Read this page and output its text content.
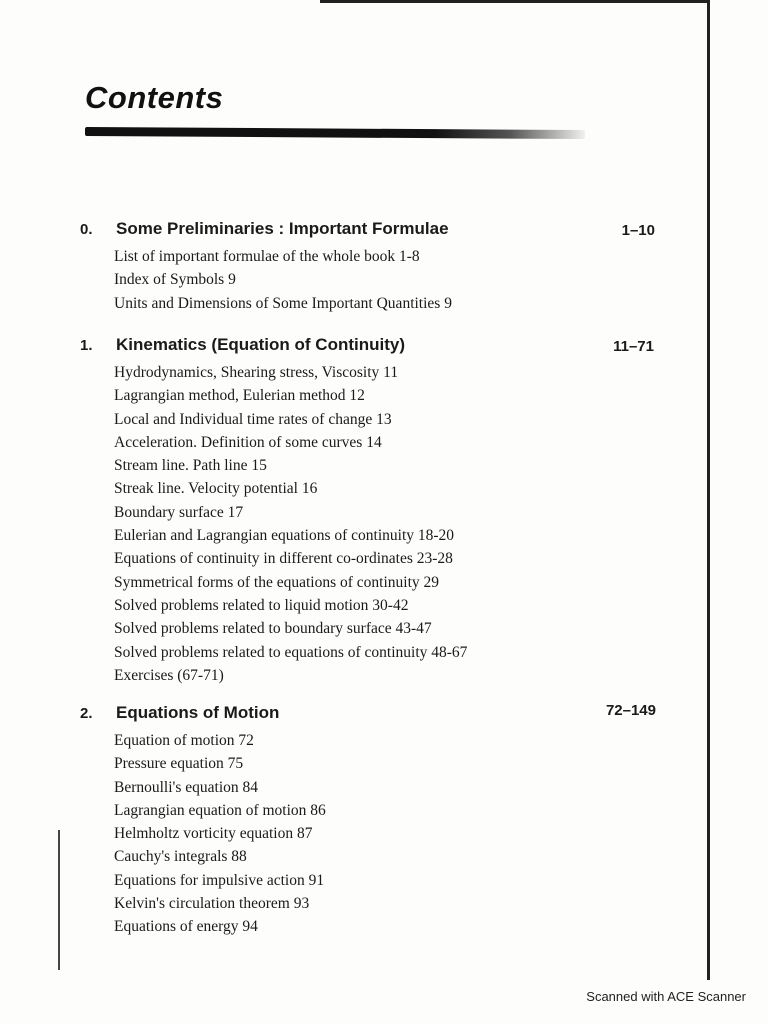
Contents
0. Some Preliminaries : Important Formulae	1–10
List of important formulae of the whole book 1-8
Index of Symbols 9
Units and Dimensions of Some Important Quantities 9
1. Kinematics (Equation of Continuity)	11–71
Hydrodynamics, Shearing stress, Viscosity 11
Lagrangian method, Eulerian method 12
Local and Individual time rates of change 13
Acceleration. Definition of some curves 14
Stream line. Path line 15
Streak line. Velocity potential 16
Boundary surface 17
Eulerian and Lagrangian equations of continuity 18-20
Equations of continuity in different co-ordinates 23-28
Symmetrical forms of the equations of continuity 29
Solved problems related to liquid motion 30-42
Solved problems related to boundary surface 43-47
Solved problems related to equations of continuity 48-67
Exercises (67-71)
2. Equations of Motion	72–149
Equation of motion 72
Pressure equation 75
Bernoulli's equation 84
Lagrangian equation of motion 86
Helmholtz vorticity equation 87
Cauchy's integrals 88
Equations for impulsive action 91
Kelvin's circulation theorem 93
Equations of energy 94
Scanned with ACE Scanner
